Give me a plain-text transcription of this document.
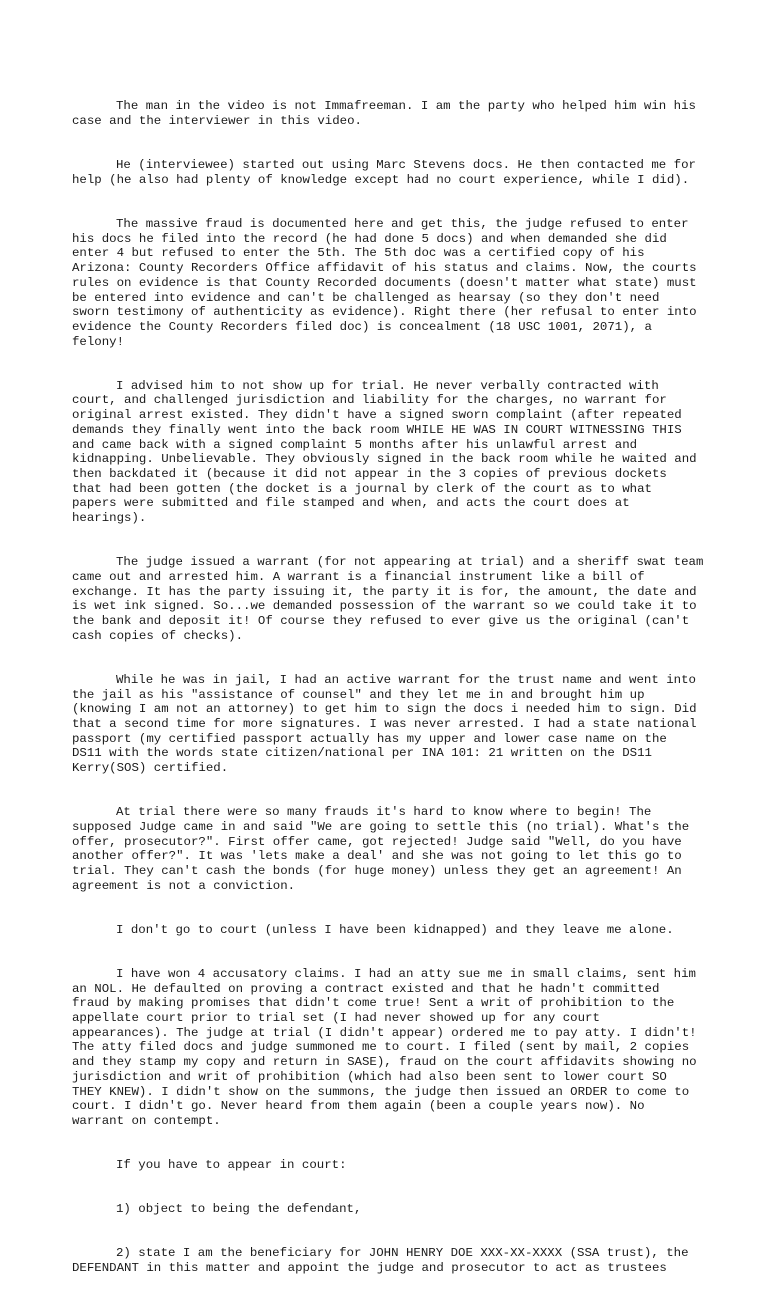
The man in the video is not Immafreeman. I am the party who helped him win his case and the interviewer in this video.

He (interviewee) started out using Marc Stevens docs. He then contacted me for help (he also had plenty of knowledge except had no court experience, while I did).

The massive fraud is documented here and get this, the judge refused to enter his docs he filed into the record (he had done 5 docs) and when demanded she did enter 4 but refused to enter the 5th. The 5th doc was a certified copy of his Arizona: County Recorders Office affidavit of his status and claims. Now, the courts rules on evidence is that County Recorded documents (doesn't matter what state) must be entered into evidence and can't be challenged as hearsay (so they don't need sworn testimony of authenticity as evidence). Right there (her refusal to enter into evidence the County Recorders filed doc) is concealment (18 USC 1001, 2071), a felony!

I advised him to not show up for trial. He never verbally contracted with court, and challenged jurisdiction and liability for the charges, no warrant for original arrest existed. They didn't have a signed sworn complaint (after repeated demands they finally went into the back room WHILE HE WAS IN COURT WITNESSING THIS and came back with a signed complaint 5 months after his unlawful arrest and kidnapping. Unbelievable. They obviously signed in the back room while he waited and then backdated it (because it did not appear in the 3 copies of previous dockets that had been gotten (the docket is a journal by clerk of the court as to what papers were submitted and file stamped and when, and acts the court does at hearings).

The judge issued a warrant (for not appearing at trial) and a sheriff swat team came out and arrested him. A warrant is a financial instrument like a bill of exchange. It has the party issuing it, the party it is for, the amount, the date and is wet ink signed. So...we demanded possession of the warrant so we could take it to the bank and deposit it! Of course they refused to ever give us the original (can't cash copies of checks).

While he was in jail, I had an active warrant for the trust name and went into the jail as his "assistance of counsel" and they let me in and brought him up (knowing I am not an attorney) to get him to sign the docs i needed him to sign. Did that a second time for more signatures. I was never arrested. I had a state national passport (my certified passport actually has my upper and lower case name on the DS11 with the words state citizen/national per INA 101: 21 written on the DS11 Kerry(SOS) certified.

At trial there were so many frauds it's hard to know where to begin! The supposed Judge came in and said "We are going to settle this (no trial). What's the offer, prosecutor?". First offer came, got rejected! Judge said "Well, do you have another offer?". It was 'lets make a deal' and she was not going to let this go to trial. They can't cash the bonds (for huge money) unless they get an agreement! An agreement is not a conviction.

I don't go to court (unless I have been kidnapped) and they leave me alone.

I have won 4 accusatory claims. I had an atty sue me in small claims, sent him an NOL. He defaulted on proving a contract existed and that he hadn't committed fraud by making promises that didn't come true! Sent a writ of prohibition to the appellate court prior to trial set (I had never showed up for any court appearances). The judge at trial (I didn't appear) ordered me to pay atty. I didn't! The atty filed docs and judge summoned me to court. I filed (sent by mail, 2 copies and they stamp my copy and return in SASE), fraud on the court affidavits showing no jurisdiction and writ of prohibition (which had also been sent to lower court SO THEY KNEW). I didn't show on the summons, the judge then issued an ORDER to come to court. I didn't go. Never heard from them again (been a couple years now). No warrant on contempt.

If you have to appear in court:

1) object to being the defendant,

2) state I am the beneficiary for JOHN HENRY DOE XXX-XX-XXXX (SSA trust), the DEFENDANT in this matter and appoint the judge and prosecutor to act as trustees
